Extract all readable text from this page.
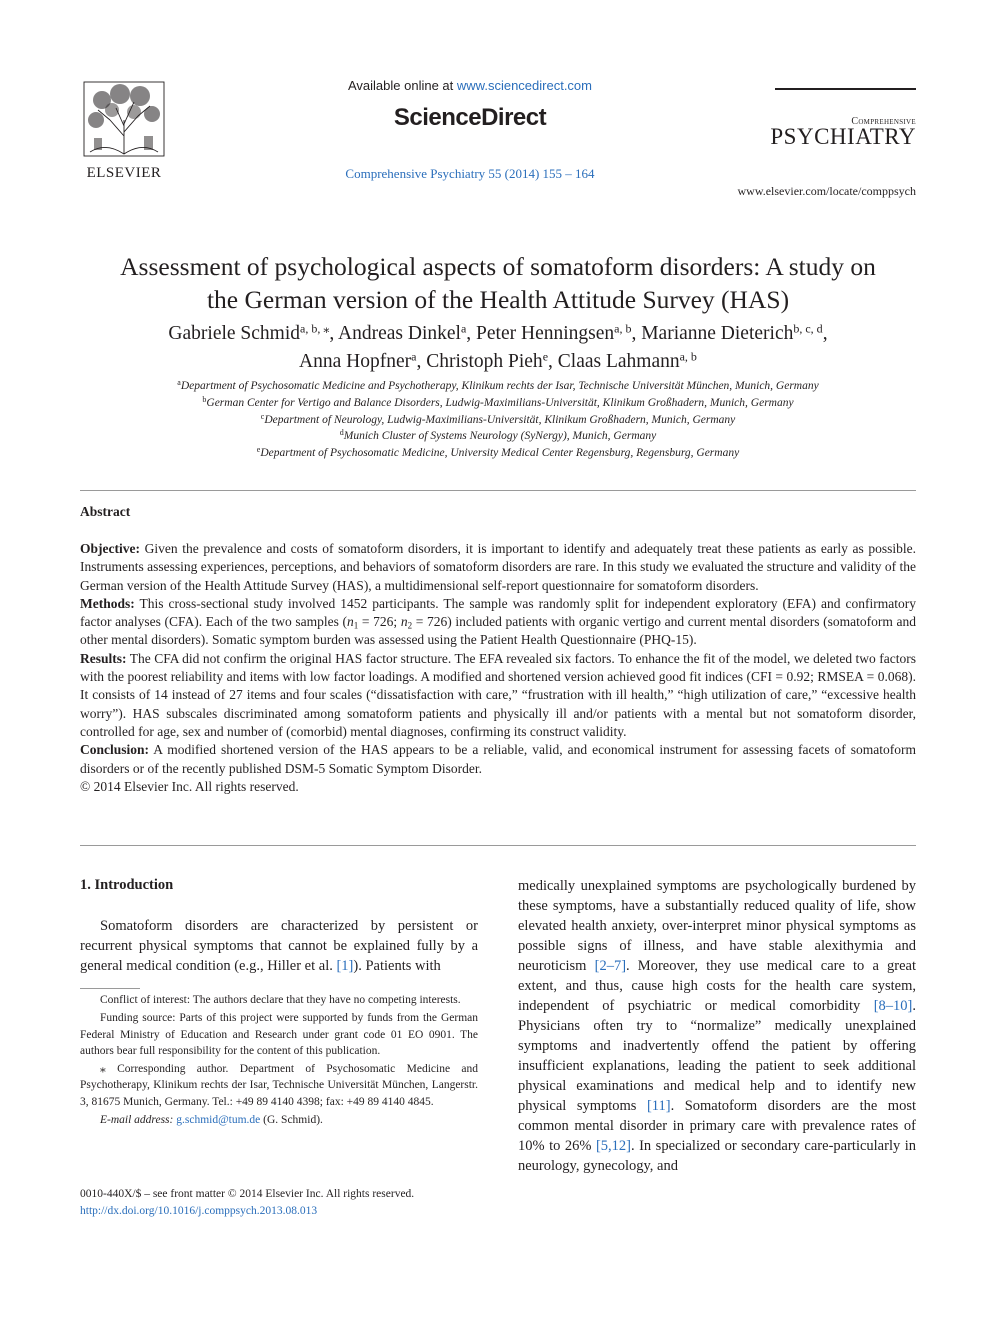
ELSEVIER
Available online at www.sciencedirect.com
ScienceDirect
Comprehensive Psychiatry 55 (2014) 155 – 164
Comprehensive
PSYCHIATRY
www.elsevier.com/locate/comppsych
Assessment of psychological aspects of somatoform disorders: A study on
the German version of the Health Attitude Survey (HAS)
Gabriele Schmid$^{a, b, ⁎}$, Andreas Dinkel$^a$, Peter Henningsen$^{a, b}$, Marianne Dieterich$^{b, c, d}$,
Anna Hopfner$^a$, Christoph Pieh$^e$, Claas Lahmann$^{a, b}$
$^a$Department of Psychosomatic Medicine and Psychotherapy, Klinikum rechts der Isar, Technische Universität München, Munich, Germany
$^b$German Center for Vertigo and Balance Disorders, Ludwig-Maximilians-Universität, Klinikum Großhadern, Munich, Germany
$^c$Department of Neurology, Ludwig-Maximilians-Universität, Klinikum Großhadern, Munich, Germany
$^d$Munich Cluster of Systems Neurology (SyNergy), Munich, Germany
$^e$Department of Psychosomatic Medicine, University Medical Center Regensburg, Regensburg, Germany
Abstract

Objective: Given the prevalence and costs of somatoform disorders, it is important to identify and adequately treat these patients as early as possible. Instruments assessing experiences, perceptions, and behaviors of somatoform disorders are rare. In this study we evaluated the structure and validity of the German version of the Health Attitude Survey (HAS), a multidimensional self-report questionnaire for somatoform disorders.

Methods: This cross-sectional study involved 1452 participants. The sample was randomly split for independent exploratory (EFA) and confirmatory factor analyses (CFA). Each of the two samples ($n_1 = 726$; $n_2 = 726$) included patients with organic vertigo and current mental disorders (somatoform and other mental disorders). Somatic symptom burden was assessed using the Patient Health Questionnaire (PHQ-15).

Results: The CFA did not confirm the original HAS factor structure. The EFA revealed six factors. To enhance the fit of the model, we deleted two factors with the poorest reliability and items with low factor loadings. A modified and shortened version achieved good fit indices (CFI = 0.92; RMSEA = 0.068). It consists of 14 instead of 27 items and four scales (“dissatisfaction with care,” “frustration with ill health,” “high utilization of care,” “excessive health worry”). HAS subscales discriminated among somatoform patients and physically ill and/or patients with a mental but not somatoform disorder, controlled for age, sex and number of (comorbid) mental diagnoses, confirming its construct validity.

Conclusion: A modified shortened version of the HAS appears to be a reliable, valid, and economical instrument for assessing facets of somatoform disorders or of the recently published DSM-5 Somatic Symptom Disorder.

© 2014 Elsevier Inc. All rights reserved.

1. Introduction
Somatoform disorders are characterized by persistent or recurrent physical symptoms that cannot be explained fully by a general medical condition (e.g., Hiller et al. [1]). Patients with

Conflict of interest: The authors declare that they have no competing interests.

Funding source: Parts of this project were supported by funds from the German Federal Ministry of Education and Research under grant code 01 EO 0901. The authors bear full responsibility for the content of this publication.

⁎ Corresponding author. Department of Psychosomatic Medicine and Psychotherapy, Klinikum rechts der Isar, Technische Universität München, Langerstr. 3, 81675 Munich, Germany. Tel.: +49 89 4140 4398; fax: +49 89 4140 4845.

E-mail address: g.schmid@tum.de (G. Schmid).

0010-440X/$ – see front matter © 2014 Elsevier Inc. All rights reserved.
http://dx.doi.org/10.1016/j.comppsych.2013.08.013
medically unexplained symptoms are psychologically burdened by these symptoms, have a substantially reduced quality of life, show elevated health anxiety, over-interpret minor physical symptoms as possible signs of illness, and have stable alexithymia and neuroticism [2–7]. Moreover, they use medical care to a great extent, and thus, cause high costs for the health care system, independent of psychiatric or medical comorbidity [8–10]. Physicians often try to “normalize” medically unexplained symptoms and inadvertently offend the patient by offering insufficient explanations, leading the patient to seek additional physical examinations and medical help and to identify new physical symptoms [11]. Somatoform disorders are the most common mental disorder in primary care with prevalence rates of 10% to 26% [5,12]. In specialized or secondary care-particularly in neurology, gynecology, and
